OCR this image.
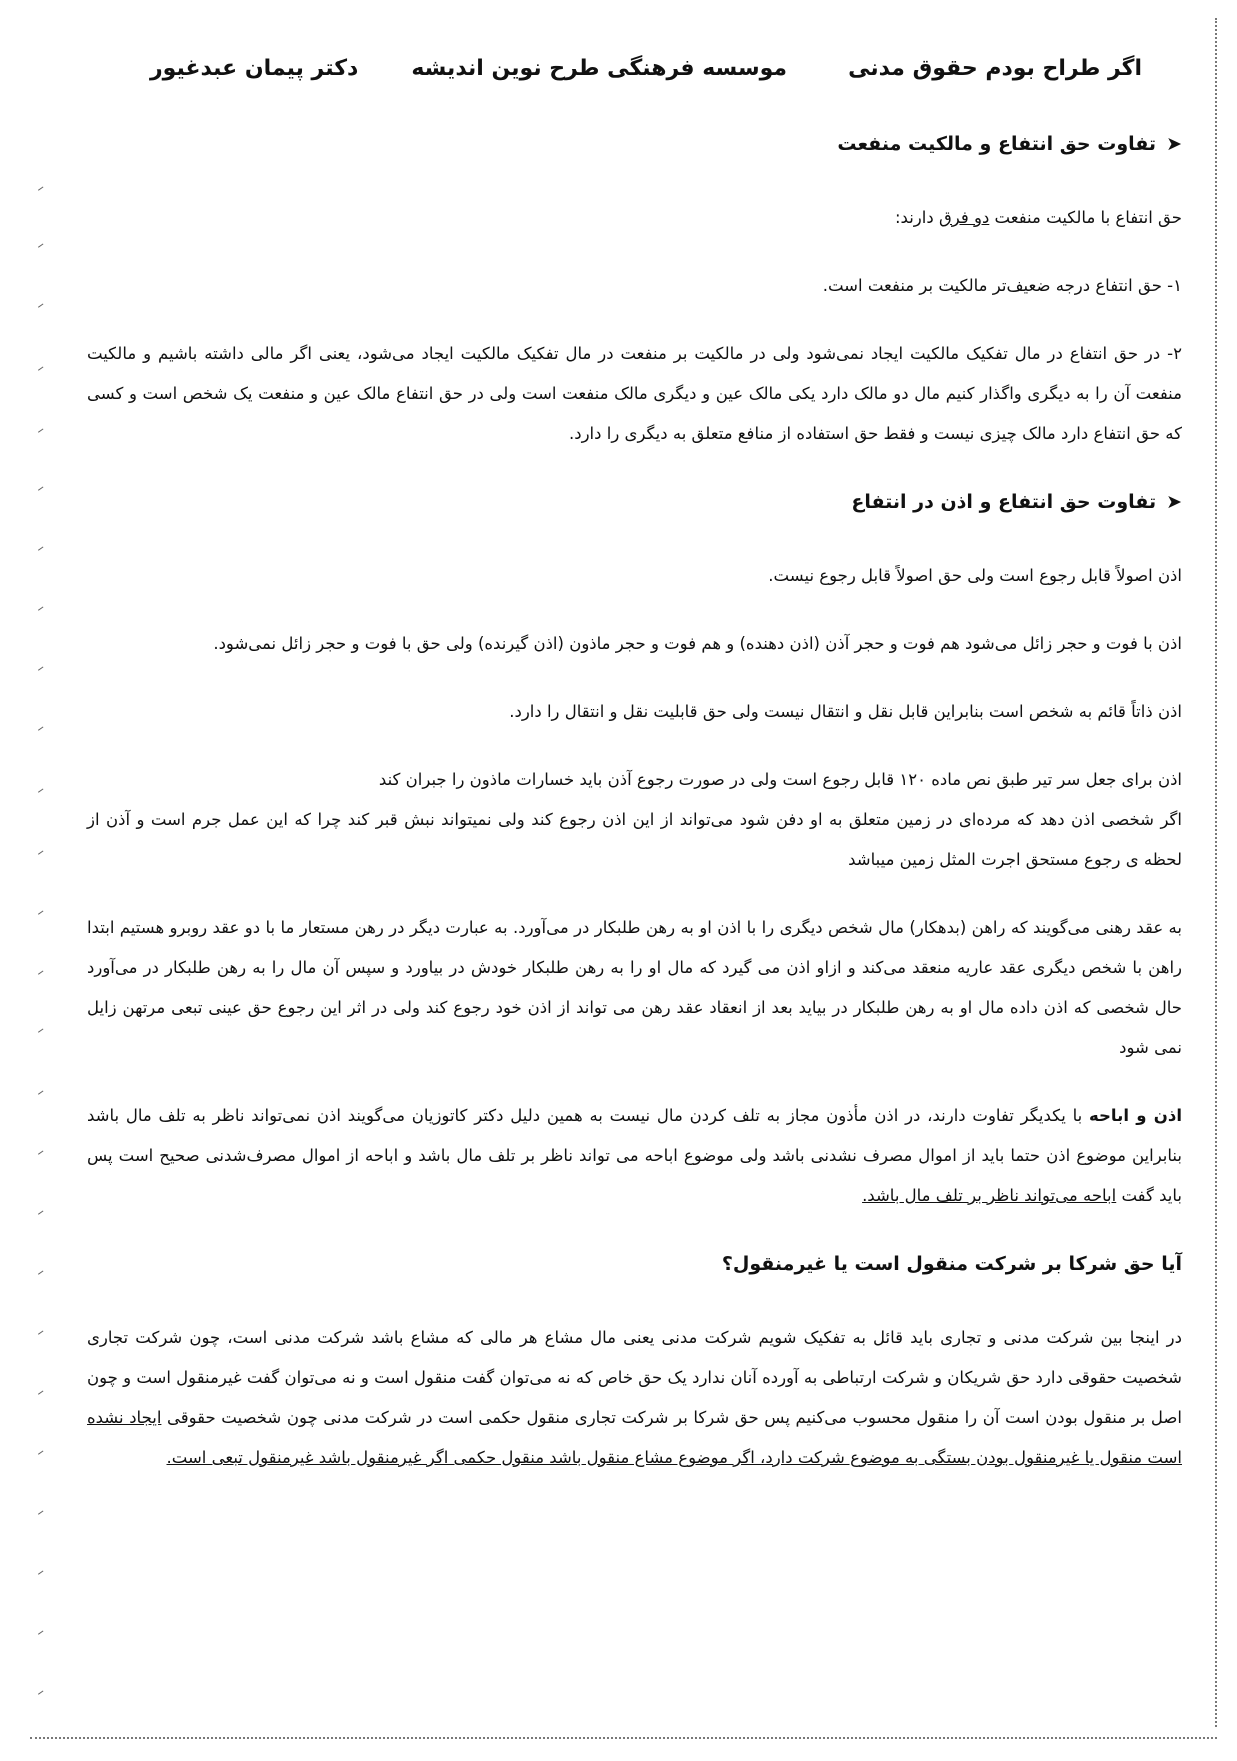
اگر طراح بودم حقوق مدنی
موسسه فرهنگی طرح نوین اندیشه
دکتر پیمان عبدغیور
➤تفاوت حق انتفاع و مالکیت منفعت

حق انتفاع با مالکیت منفعت دو فرق دارند:

۱- حق انتفاع درجه ضعیف‌تر مالکیت بر منفعت است.

۲- در حق انتفاع در مال تفکیک مالکیت ایجاد نمی‌شود ولی در مالکیت بر منفعت در مال تفکیک مالکیت ایجاد می‌شود، یعنی اگر مالی داشته باشیم و مالکیت منفعت آن را به دیگری واگذار کنیم مال دو مالک دارد یکی مالک عین و دیگری مالک منفعت است ولی در حق انتفاع مالک عین و منفعت یک شخص است و کسی که حق انتفاع دارد مالک چیزی نیست و فقط حق استفاده از منافع متعلق به دیگری را دارد.

➤تفاوت حق انتفاع و اذن در انتفاع

اذن اصولاً قابل رجوع است ولی حق اصولاً قابل رجوع نیست.

اذن با فوت و حجر زائل می‌شود هم فوت و حجر آذن (اذن دهنده) و هم فوت و حجر ماذون (اذن گیرنده) ولی حق با فوت و حجر زائل نمی‌شود.

اذن ذاتاً قائم به شخص است بنابراین قابل نقل و انتقال نیست ولی حق قابلیت نقل و انتقال را دارد.

اذن برای جعل سر تیر طبق نص ماده ۱۲۰ قابل رجوع است ولی در صورت رجوع آذن باید خسارات ماذون را جبران کند

اگر شخصی اذن دهد که مرده‌ای در زمین متعلق به او دفن شود می‌تواند از این اذن رجوع کند ولی نمیتواند نبش قبر کند چرا که این عمل جرم است و آذن از لحظه ی رجوع مستحق اجرت المثل زمین میباشد

به عقد رهنی می‌گویند که راهن (بدهکار) مال شخص دیگری را با اذن او به رهن طلبکار در می‌آورد. به عبارت دیگر در رهن مستعار ما با دو عقد روبرو هستیم ابتدا راهن با شخص دیگری عقد عاریه منعقد می‌کند و ازاو اذن می گیرد که مال او را به رهن طلبکار خودش در بیاورد و سپس آن مال را به رهن طلبکار در می‌آورد حال شخصی که اذن داده مال او به رهن طلبکار در بیاید بعد از انعقاد عقد رهن می تواند از اذن خود رجوع کند ولی در اثر این رجوع حق عینی تبعی مرتهن زایل نمی شود

اذن و اباحه با یکدیگر تفاوت دارند، در اذن مأذون مجاز به تلف کردن مال نیست به همین دلیل دکتر کاتوزیان می‌گویند اذن نمی‌تواند ناظر به تلف مال باشد بنابراین موضوع اذن حتما باید از اموال مصرف نشدنی باشد ولی موضوع اباحه می تواند ناظر بر تلف مال باشد و اباحه از اموال مصرف‌شدنی صحیح است پس باید گفت اباحه می‌تواند ناظر بر تلف مال باشد.

آیا حق شرکا بر شرکت منقول است یا غیرمنقول؟

در اینجا بین شرکت مدنی و تجاری باید قائل به تفکیک شویم شرکت مدنی یعنی مال مشاع هر مالی که مشاع باشد شرکت مدنی است، چون شرکت تجاری شخصیت حقوقی دارد حق شریکان و شرکت ارتباطی به آورده آنان ندارد یک حق خاص که نه می‌توان گفت منقول است و نه می‌توان گفت غیرمنقول است و چون اصل بر منقول بودن است آن را منقول محسوب می‌کنیم پس حق شرکا بر شرکت تجاری منقول حکمی است در شرکت مدنی چون شخصیت حقوقی ایجاد نشده است منقول یا غیرمنقول بودن بستگی به موضوع شرکت دارد، اگر موضوع مشاع منقول باشد منقول حکمی اگر غیرمنقول باشد غیرمنقول تبعی است.
